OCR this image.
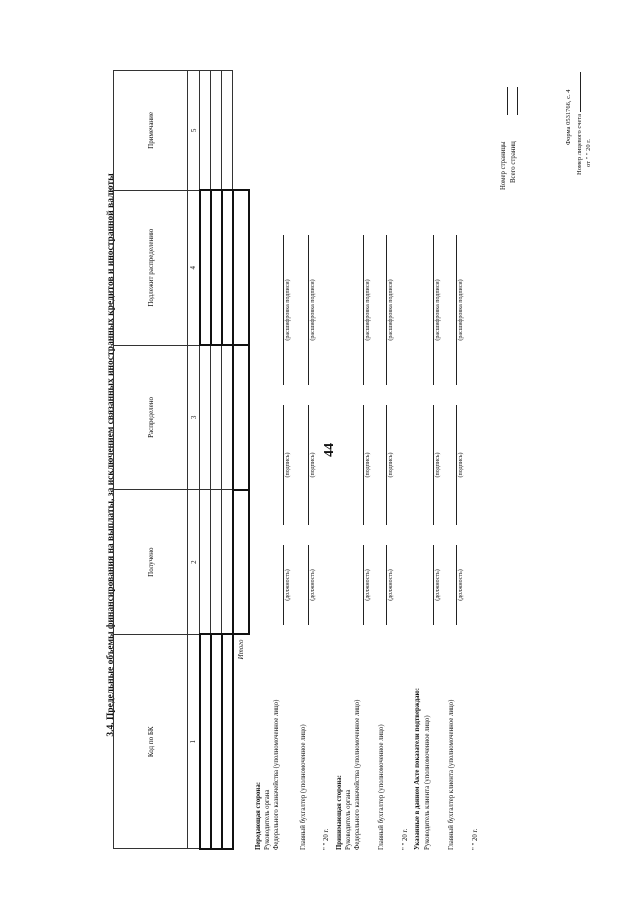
44
Форма 0531766, с. 4 Номер лицевого счета от " " 20 г.
3.4. Предельные объемы финансирования на выплаты, за исключением связанных иностранных кредитов и иностранной валюты
Код по БК	Получено	Распределено	Подлежит распределению	Примечание
1	2	3	4	5

Итого				
Передающая сторона: Руководитель органа Федерального казначейства (уполномоченное лицо)
(должность)
(подпись)
(расшифровка подписи)
Главный бухгалтер (уполномоченное лицо)
(должность)
(подпись)
(расшифровка подписи)
" " 20 г. Принимающая сторона: Руководитель органа Федерального казначейства (уполномоченное лицо)
(должность)
(подпись)
(расшифровка подписи)
Главный бухгалтер (уполномоченное лицо)
(должность)
(подпись)
(расшифровка подписи)
" " 20 г. Указанные в данном Акте показатели подтверждаю: Руководитель клиента (уполномоченное лицо)
(должность)
(подпись)
(расшифровка подписи)
Главный бухгалтер клиента (уполномоченное лицо)
(должность)
(подпись)
(расшифровка подписи)
" " 20 г.
Номер страницы Всего страниц
